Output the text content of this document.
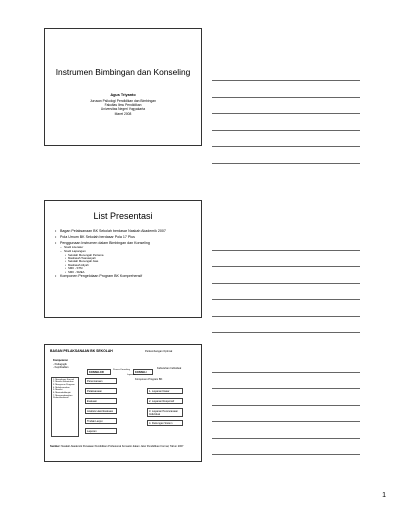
Instrumen Bimbingan dan Konseling
Agus Triyanto
Jurusan Psikologi Pendidikan dan Bimbingan
Fakultas Ilmu Pendidikan
Universitas Negeri Yogyakarta
Maret 2008
List Presentasi
• Bagan Pelaksanaan BK Sekolah berdasar Naskah Akademik 2007
• Pola Umum BK Sekolah berdasar Pola 17 Plus
• Penggunaan Instrumen dalam Bimbingan dan Konseling
– Studi Literatur
– Studi Lapangan
• Sekolah Menengah Pertama
• Madrasah Tsanawiyah
• Sekolah Menengah Atas
• Madrasah Aliyah
• SMK - STM
• SMK - SMEA
• Komponen Pengelolaan Program BK Komprehensif
BAGAN PELAKSANAAN BK SEKOLAH	Perkembangan Optimal
Kompetensi
- Pedagogik
- Kepribadian
KONSELOR
Proses Konseling
KONSELI
Kebutuhan Individual
Layanan
1. Memahami Konseli
2. Menilai Kebutuhan
3. Menyusun Program
4. Melaksanakan
5. Menilai
6. Menindaklanjuti
7. Mengembangkan Profesionalisme
Perencanaan
Pelaksanaan
Evaluasi
Analisis Hasil Evaluasi
Tindak Lanjut
Laporan
Komponen Program BK
1. Layanan Dasar
2. Layanan Responsif
3. Layanan Perencanaan Individual
4. Dukungan Sistem
Sumber: Naskah Akademik Penataan Pendidikan Profesional Konselor dalam Jalur Pendidikan Formal, Tahun 2007
1
